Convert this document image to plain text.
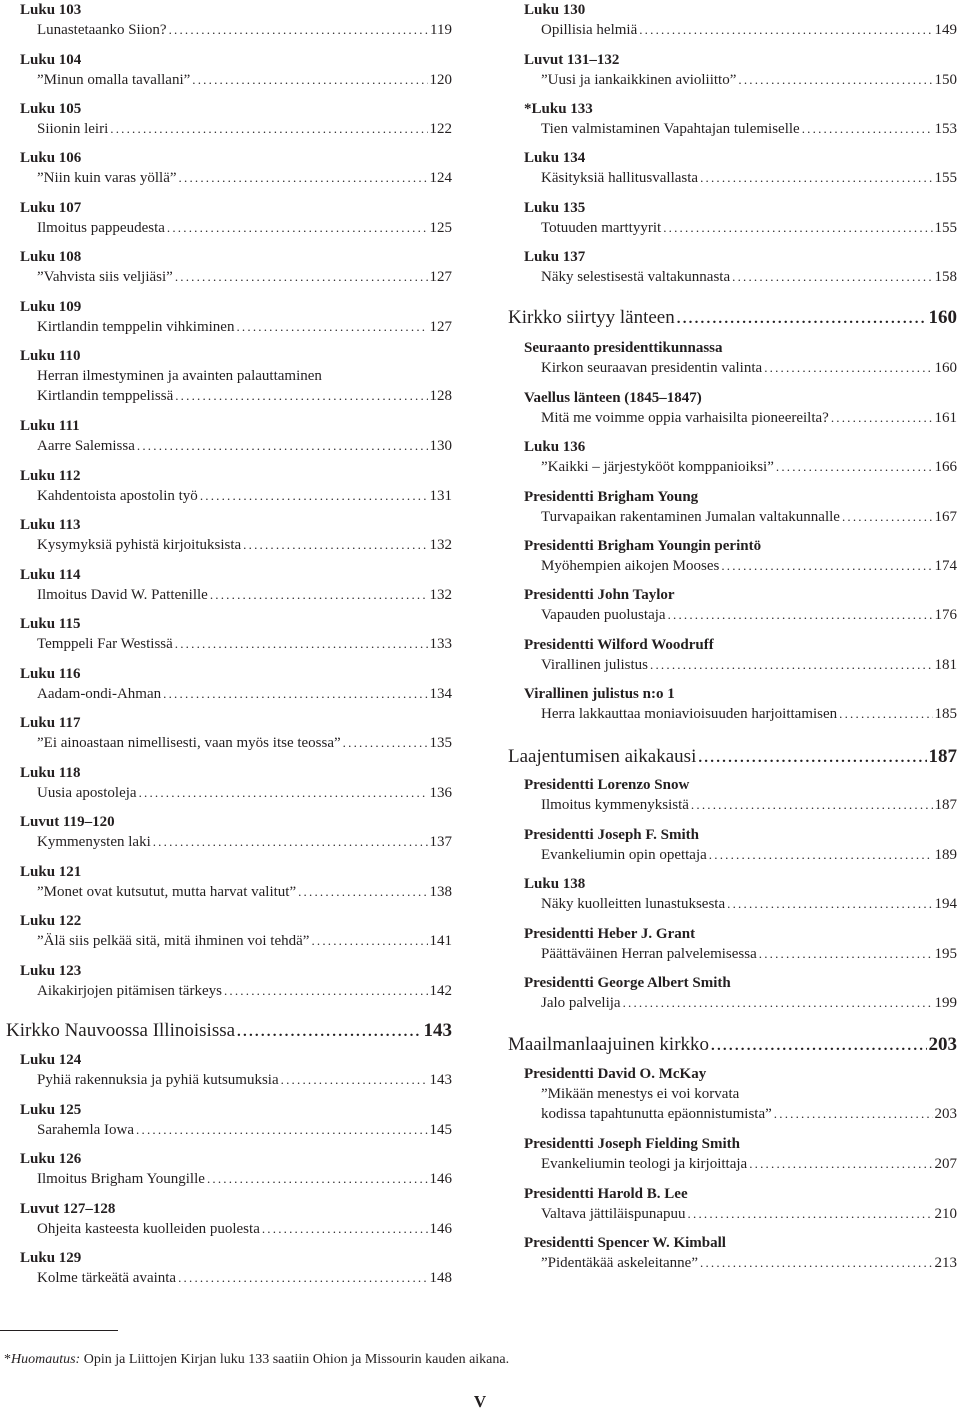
Luku 103
Lunastetaanko Siion? .....	119
Luku 104
”Minun omalla tavallani” .....	120
Luku 105
Siionin leiri .....	122
Luku 106
”Niin kuin varas yöllä” .....	124
Luku 107
Ilmoitus pappeudesta .....	125
Luku 108
”Vahvista siis veljiäsi” .....	127
Luku 109
Kirtlandin temppelin vihkiminen .....	127
Luku 110
Herran ilmestyminen ja avainten palauttaminen
Kirtlandin temppelissä .....	128
Luku 111
Aarre Salemissa .....	130
Luku 112
Kahdentoista apostolin työ .....	131
Luku 113
Kysymyksiä pyhistä kirjoituksista .....	132
Luku 114
Ilmoitus David W. Pattenille .....	132
Luku 115
Temppeli Far Westissä .....	133
Luku 116
Aadam-ondi-Ahman .....	134
Luku 117
”Ei ainoastaan nimellisesti, vaan myös itse teossa” .....	135
Luku 118
Uusia apostoleja .....	136
Luvut 119–120
Kymmenysten laki .....	137
Luku 121
”Monet ovat kutsutut, mutta harvat valitut” .....	138
Luku 122
”Älä siis pelkää sitä, mitä ihminen voi tehdä” .....	141
Luku 123
Aikakirjojen pitämisen tärkeys .....	142
Kirkko Nauvoossa Illinoisissa .....	143
Luku 124
Pyhiä rakennuksia ja pyhiä kutsumuksia .....	143
Luku 125
Sarahemla Iowa .....	145
Luku 126
Ilmoitus Brigham Youngille .....	146
Luvut 127–128
Ohjeita kasteesta kuolleiden puolesta .....	146
Luku 129
Kolme tärkeätä avainta .....	148
Luku 130
Opillisia helmiä .....	149
Luvut 131–132
”Uusi ja iankaikkinen avioliitto” .....	150
*Luku 133
Tien valmistaminen Vapahtajan tulemiselle .....	153
Luku 134
Käsityksiä hallitusvallasta .....	155
Luku 135
Totuuden marttyyrit .....	155
Luku 137
Näky selestisestä valtakunnasta .....	158
Kirkko siirtyy länteen .....	160
Seuraanto presidenttikunnassa
Kirkon seuraavan presidentin valinta .....	160
Vaellus länteen (1845–1847)
Mitä me voimme oppia varhaisilta pioneereilta? .....	161
Luku 136
”Kaikki – järjestykööt komppanioiksi” .....	166
Presidentti Brigham Young
Turvapaikan rakentaminen Jumalan valtakunnalle .....	167
Presidentti Brigham Youngin perintö
Myöhempien aikojen Mooses .....	174
Presidentti John Taylor
Vapauden puolustaja .....	176
Presidentti Wilford Woodruff
Virallinen julistus .....	181
Virallinen julistus n:o 1
Herra lakkauttaa moniavioisuuden harjoittamisen .....	185
Laajentumisen aikakausi .....	187
Presidentti Lorenzo Snow
Ilmoitus kymmenyksistä .....	187
Presidentti Joseph F. Smith
Evankeliumin opin opettaja .....	189
Luku 138
Näky kuolleitten lunastuksesta .....	194
Presidentti Heber J. Grant
Päättäväinen Herran palvelemisessa .....	195
Presidentti George Albert Smith
Jalo palvelija .....	199
Maailmanlaajuinen kirkko .....	203
Presidentti David O. McKay
”Mikään menestys ei voi korvata
kodissa tapahtunutta epäonnistumista” .....	203
Presidentti Joseph Fielding Smith
Evankeliumin teologi ja kirjoittaja .....	207
Presidentti Harold B. Lee
Valtava jättiläispunapuu .....	210
Presidentti Spencer W. Kimball
”Pidentäkää askeleitanne” .....	213
*Huomautus: Opin ja Liittojen Kirjan luku 133 saatiin Ohion ja Missourin kauden aikana.
V
